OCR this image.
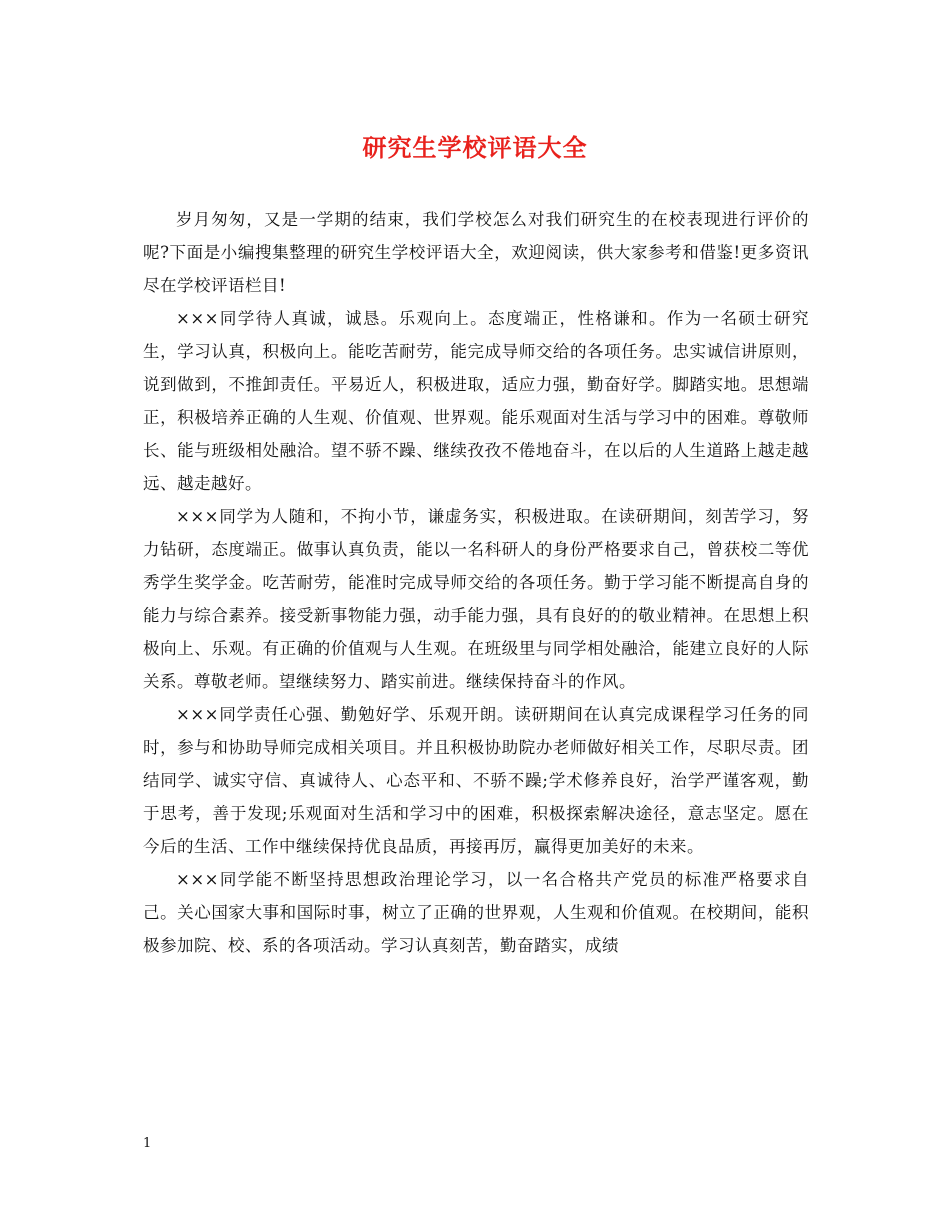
研究生学校评语大全

岁月匆匆，又是一学期的结束，我们学校怎么对我们研究生的在校表现进行评价的呢?下面是小编搜集整理的研究生学校评语大全，欢迎阅读，供大家参考和借鉴!更多资讯尽在学校评语栏目!

×××同学待人真诚，诚恳。乐观向上。态度端正，性格谦和。作为一名硕士研究生，学习认真，积极向上。能吃苦耐劳，能完成导师交给的各项任务。忠实诚信讲原则，说到做到，不推卸责任。平易近人，积极进取，适应力强，勤奋好学。脚踏实地。思想端正，积极培养正确的人生观、价值观、世界观。能乐观面对生活与学习中的困难。尊敬师长、能与班级相处融洽。望不骄不躁、继续孜孜不倦地奋斗，在以后的人生道路上越走越远、越走越好。

×××同学为人随和，不拘小节，谦虚务实，积极进取。在读研期间，刻苦学习，努力钻研，态度端正。做事认真负责，能以一名科研人的身份严格要求自己，曾获校二等优秀学生奖学金。吃苦耐劳，能准时完成导师交给的各项任务。勤于学习能不断提高自身的能力与综合素养。接受新事物能力强，动手能力强，具有良好的的敬业精神。在思想上积极向上、乐观。有正确的价值观与人生观。在班级里与同学相处融洽，能建立良好的人际关系。尊敬老师。望继续努力、踏实前进。继续保持奋斗的作风。

×××同学责任心强、勤勉好学、乐观开朗。读研期间在认真完成课程学习任务的同时，参与和协助导师完成相关项目。并且积极协助院办老师做好相关工作，尽职尽责。团结同学、诚实守信、真诚待人、心态平和、不骄不躁;学术修养良好，治学严谨客观，勤于思考，善于发现;乐观面对生活和学习中的困难，积极探索解决途径，意志坚定。愿在今后的生活、工作中继续保持优良品质，再接再厉，赢得更加美好的未来。

×××同学能不断坚持思想政治理论学习，以一名合格共产党员的标准严格要求自己。关心国家大事和国际时事，树立了正确的世界观，人生观和价值观。在校期间，能积极参加院、校、系的各项活动。学习认真刻苦，勤奋踏实，成绩

1
